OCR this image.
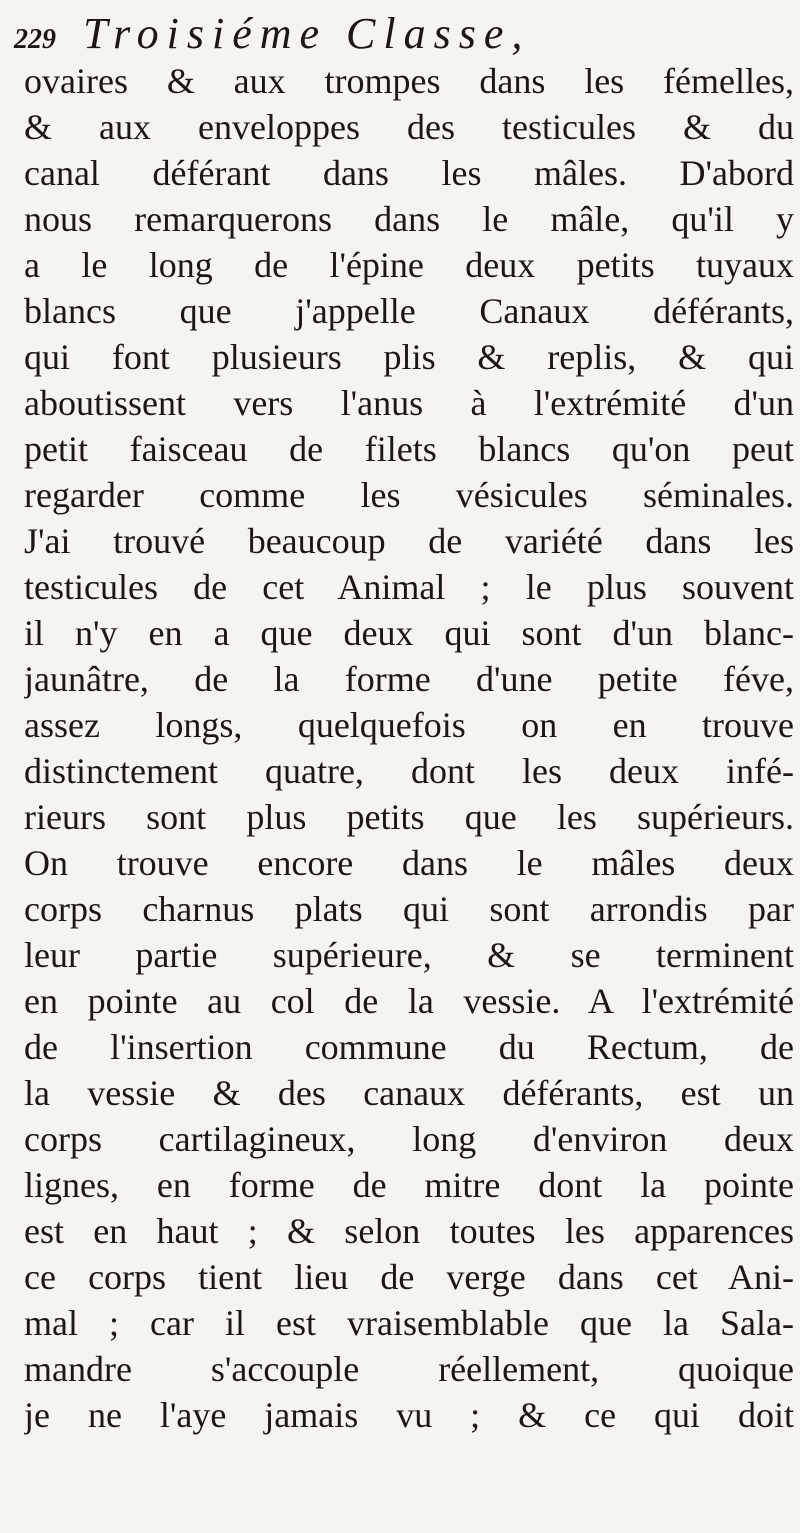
229 Troisiéme Classe,
ovaires & aux trompes dans les fémelles,
& aux enveloppes des testicules & du
canal déférant dans les mâles. D'abord
nous remarquerons dans le mâle, qu'il y
a le long de l'épine deux petits tuyaux
blancs que j'appelle Canaux déférants,
qui font plusieurs plis & replis, & qui
aboutissent vers l'anus à l'extrémité d'un
petit faisceau de filets blancs qu'on peut
regarder comme les vésicules séminales.
J'ai trouvé beaucoup de variété dans les
testicules de cet Animal ; le plus souvent
il n'y en a que deux qui sont d'un blanc-
jaunâtre, de la forme d'une petite féve,
assez longs, quelquefois on en trouve
distinctement quatre, dont les deux infé-
rieurs sont plus petits que les supérieurs.
On trouve encore dans le mâles deux
corps charnus plats qui sont arrondis par
leur partie supérieure, & se terminent
en pointe au col de la vessie. A l'extrémité
de l'insertion commune du Rectum, de
la vessie & des canaux déférants, est un
corps cartilagineux, long d'environ deux
lignes, en forme de mitre dont la pointe
est en haut ; & selon toutes les apparences
ce corps tient lieu de verge dans cet Ani-
mal ; car il est vraisemblable que la Sala-
mandre s'accouple réellement, quoique
je ne l'aye jamais vu ; & ce qui doit
